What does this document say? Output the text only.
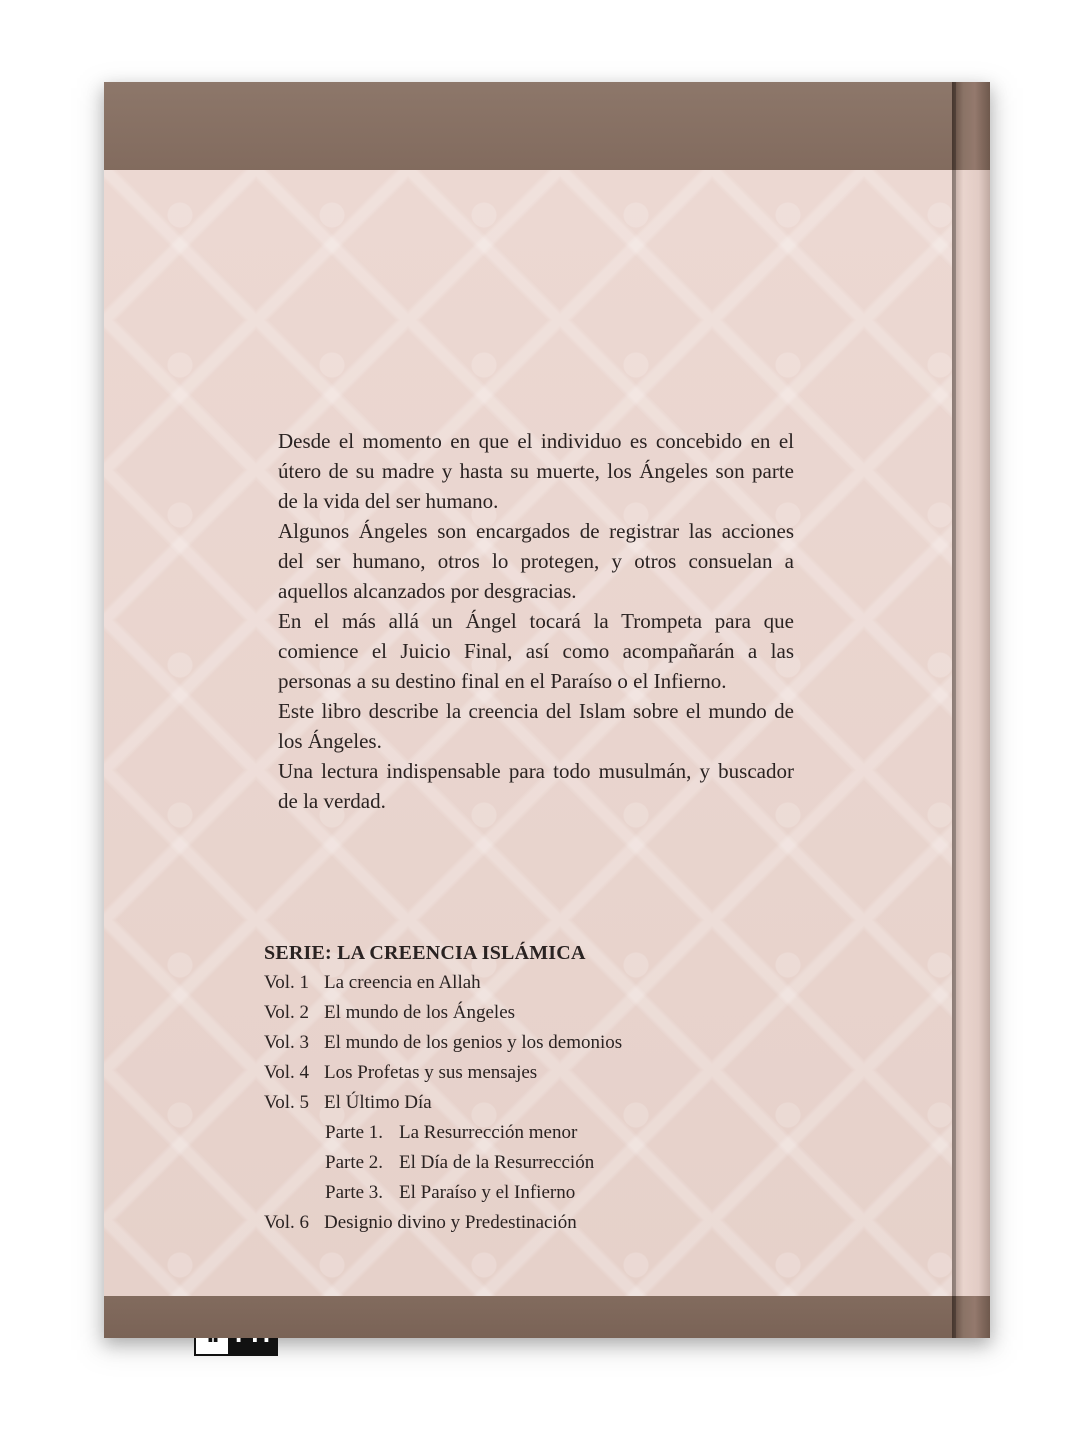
Desde el momento en que el individuo es concebido en el útero de su madre y hasta su muerte, los Ángeles son parte de la vida del ser humano.

Algunos Ángeles son encargados de registrar las acciones del ser humano, otros lo protegen, y otros consuelan a aquellos alcanzados por desgracias.

En el más allá un Ángel tocará la Trompeta para que comience el Juicio Final, así como acompañarán a las personas a su destino final en el Paraíso o el Infierno.

Este libro describe la creencia del Islam sobre el mundo de los Ángeles.

Una lectura indispensable para todo musulmán, y buscador de la verdad.

SERIE: LA CREENCIA ISLÁMICA
Vol. 1 La creencia en Allah
Vol. 2 El mundo de los Ángeles
Vol. 3 El mundo de los genios y los demonios
Vol. 4 Los Profetas y sus mensajes
Vol. 5 El Último Día
Parte 1. La Resurrección menor
Parte 2. El Día de la Resurrección
Parte 3. El Paraíso y el Infierno
Vol. 6 Designio divino y Predestinación
